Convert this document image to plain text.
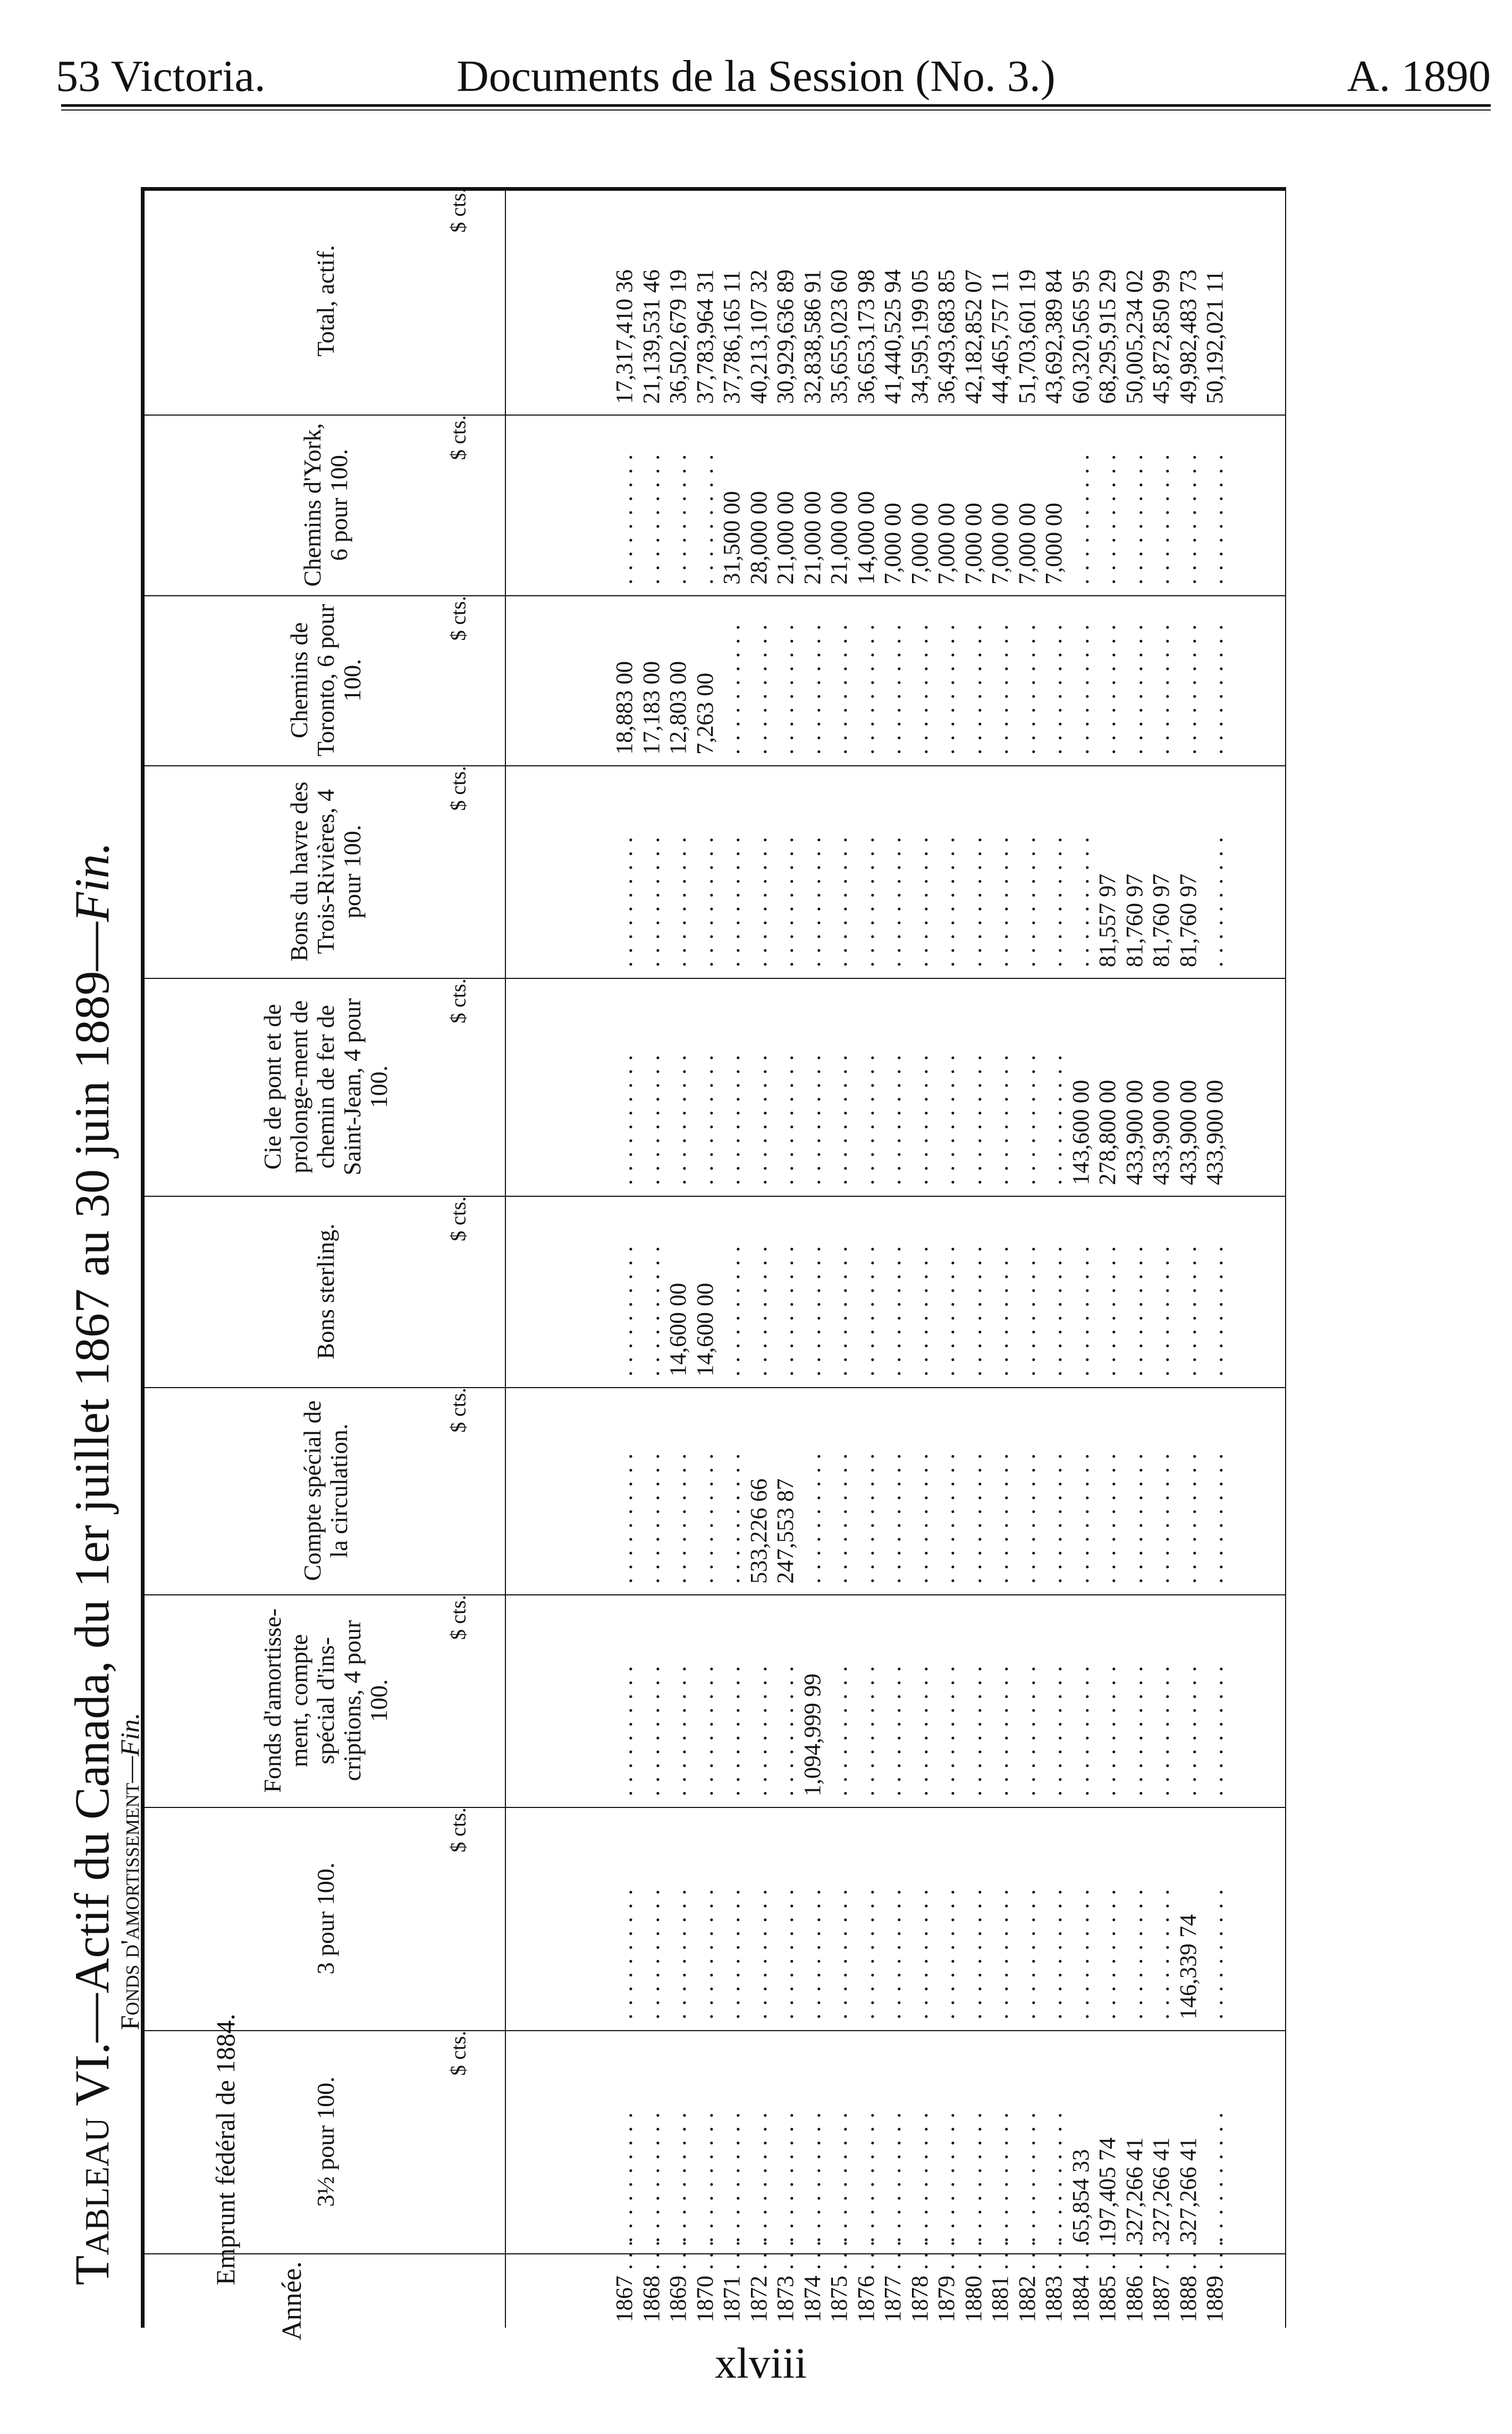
53 Victoria.	Documents de la Session (No. 3.)	A. 1890
Total, actif.
$ cts.
17,317,410 36 21,139,531 46 36,502,679 19 37,783,964 31 37,786,165 11 40,213,107 32 30,929,636 89 32,838,586 91 35,655,023 60 36,653,173 98 41,440,525 94 34,595,199 05 36,493,683 85 42,182,852 07 44,465,757 11 51,703,601 19 43,692,389 84 60,320,565 95 68,295,915 29 50,005,234 02 45,872,850 99 49,982,483 73 50,192,021 11
Chemins d'York, 6 pour 100.
$ cts.
. . . . . . . . . . . . . . . . . . . . . . . . . . . . . . . . . . . . . . . . 31,500 00 28,000 00 21,000 00 21,000 00 21,000 00 14,000 00 7,000 00 7,000 00 7,000 00 7,000 00 7,000 00 7,000 00 7,000 00 . . . . . . . . . . . . . . . . . . . . . . . . . . . . . . . . . . . . . . . . . . . . . . . . . . . . . . . . . . . .
Chemins de Toronto, 6 pour 100.
$ cts.
18,883 00 17,183 00 12,803 00 7,263 00 . . . . . . . . . . . . . . . . . . . . . . . . . . . . . . . . . . . . . . . . . . . . . . . . . . . . . . . . . . . . . . . . . . . . . . . . . . . . . . . . . . . . . . . . . . . . . . . . . . . . . . . . . . . . . . . . . . . . . . . . . . . . . . . . . . . . . . . . . . . . . . . . . . . . . . . . . . . . . . . . . . . . . . . . . . . . . . . . . . . . . . . . . . . . . .
Bons du havre des Trois-Rivières, 4 pour 100.
$ cts.
. . . . . . . . . . . . . . . . . . . . . . . . . . . . . . . . . . . . . . . . . . . . . . . . . . . . . . . . . . . . . . . . . . . . . . . . . . . . . . . . . . . . . . . . . . . . . . . . . . . . . . . . . . . . . . . . . . . . . . . . . . . . . . . . . . . . . . . . . . . . . . . . . . . . . . . . . . . . . . . . . . . . . . . . . . . . . . . . . . . . 81,557 97 81,760 97 81,760 97 81,760 97 . . . . . . . . . .
Cie de pont et de prolonge-ment de chemin de fer de Saint-Jean, 4 pour 100.
$ cts.
. . . . . . . . . . . . . . . . . . . . . . . . . . . . . . . . . . . . . . . . . . . . . . . . . . . . . . . . . . . . . . . . . . . . . . . . . . . . . . . . . . . . . . . . . . . . . . . . . . . . . . . . . . . . . . . . . . . . . . . . . . . . . . . . . . . . . . . . . . . . . . . . . . . . . . . . . . . . . . . . . . . . . . . . . . 143,600 00 278,800 00 433,900 00 433,900 00 433,900 00 433,900 00
Bons sterling.
$ cts.
. . . . . . . . . . . . . . . . . . . . 14,600 00 14,600 00 . . . . . . . . . . . . . . . . . . . . . . . . . . . . . . . . . . . . . . . . . . . . . . . . . . . . . . . . . . . . . . . . . . . . . . . . . . . . . . . . . . . . . . . . . . . . . . . . . . . . . . . . . . . . . . . . . . . . . . . . . . . . . . . . . . . . . . . . . . . . . . . . . . . . . . . . . . . . . . . . . . . . . . . . . . . . . . . . . . . . . . . . . . . . . .
Compte spécial de la circulation.
$ cts.
. . . . . . . . . . . . . . . . . . . . . . . . . . . . . . . . . . . . . . . . . . . . . . . . . . 533,226 66 247,553 87 . . . . . . . . . . . . . . . . . . . . . . . . . . . . . . . . . . . . . . . . . . . . . . . . . . . . . . . . . . . . . . . . . . . . . . . . . . . . . . . . . . . . . . . . . . . . . . . . . . . . . . . . . . . . . . . . . . . . . . . . . . . . . . . . . . . . . . . . . . . . . . . . . . . . . . . . . . . . . . . .
Fonds d'amortisse-ment, compte spécial d'ins-criptions, 4 pour 100.
$ cts.
. . . . . . . . . . . . . . . . . . . . . . . . . . . . . . . . . . . . . . . . . . . . . . . . . . . . . . . . . . . . . . . . . . . . . . 1,094,999 99 . . . . . . . . . . . . . . . . . . . . . . . . . . . . . . . . . . . . . . . . . . . . . . . . . . . . . . . . . . . . . . . . . . . . . . . . . . . . . . . . . . . . . . . . . . . . . . . . . . . . . . . . . . . . . . . . . . . . . . . . . . . . . . . . . . . . . . . . . . . . . . . . . . . . . .
3 pour 100.
$ cts.
. . . . . . . . . . . . . . . . . . . . . . . . . . . . . . . . . . . . . . . . . . . . . . . . . . . . . . . . . . . . . . . . . . . . . . . . . . . . . . . . . . . . . . . . . . . . . . . . . . . . . . . . . . . . . . . . . . . . . . . . . . . . . . . . . . . . . . . . . . . . . . . . . . . . . . . . . . . . . . . . . . . . . . . . . . . . . . . . . . . . . . . . . . . . . . . . . . . . . . . . . . . . . . . . . . 146,339 74 . . . . . . . . . .
3½ pour 100.
$ cts.
. . . . . . . . . . . . . . . . . . . . . . . . . . . . . . . . . . . . . . . . . . . . . . . . . . . . . . . . . . . . . . . . . . . . . . . . . . . . . . . . . . . . . . . . . . . . . . . . . . . . . . . . . . . . . . . . . . . . . . . . . . . . . . . . . . . . . . . . . . . . . . . . . . . . . . . . . . . . . . . . . . . . . . . . . . 65,854 33 197,405 74 327,266 41 327,266 41 327,266 41 . . . . . . . . . .
1867 . . . 1868 . . . 1869 . . . 1870 . . . 1871 . . . 1872 . . . 1873 . . . 1874 . . . 1875 . . . 1876 . . . 1877 . . . 1878 . . . 1879 . . . 1880 . . . 1881 . . . 1882 . . . 1883 . . . 1884 . . . 1885 . . . 1886 . . . 1887 . . . 1888 . . . 1889 . . .
Année.
Fonds d'amortissement—Fin.
Emprunt fédéral de 1884.
Tableau VI.—Actif du Canada, du 1er juillet 1867 au 30 juin 1889—Fin.
xlviii
